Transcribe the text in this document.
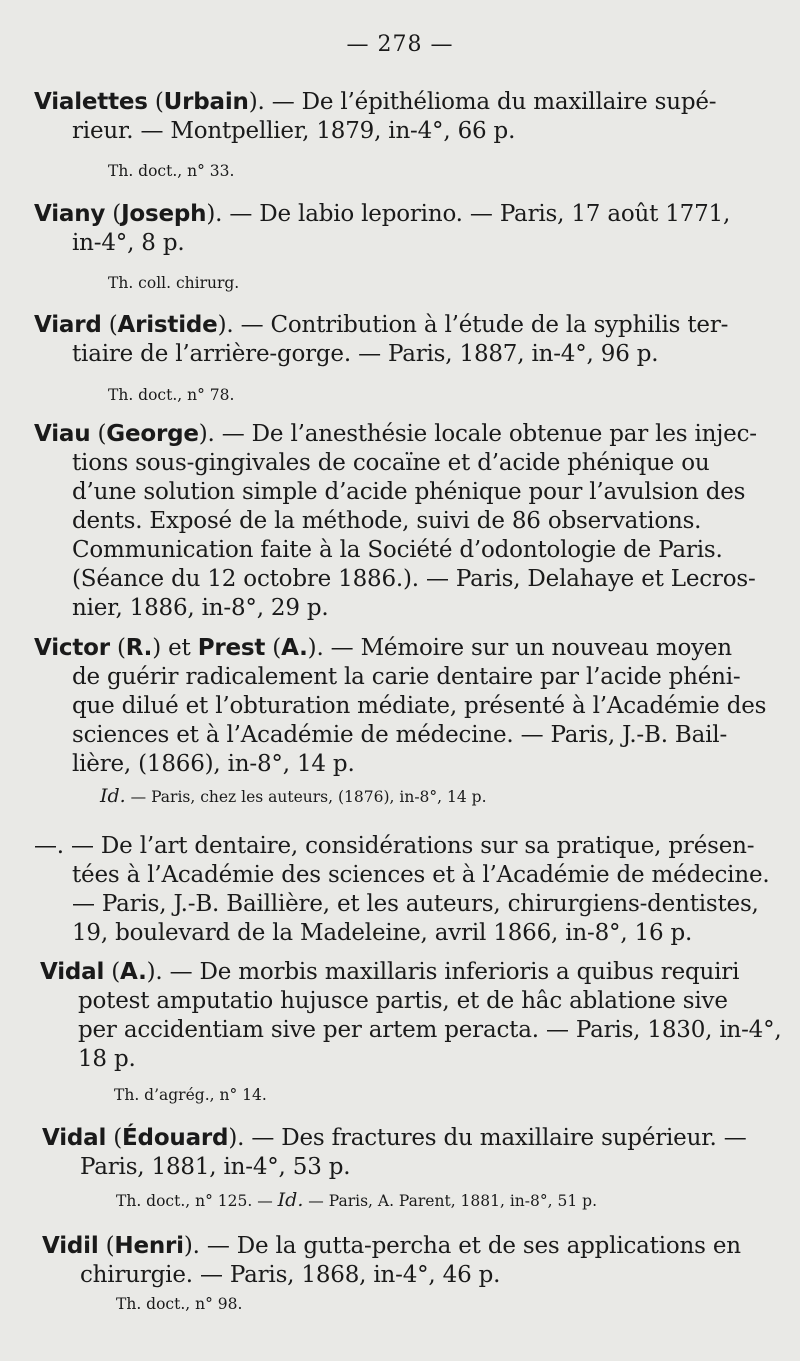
— 278 —
Vialettes (Urbain). — De l’épithélioma du maxillaire supé-
rieur. — Montpellier, 1879, in-4°, 66 p.
Th. doct., n° 33.
Viany (Joseph). — De labio leporino. — Paris, 17 août 1771,
in-4°, 8 p.
Th. coll. chirurg.
Viard (Aristide). — Contribution à l’étude de la syphilis ter-
tiaire de l’arrière-gorge. — Paris, 1887, in-4°, 96 p.
Th. doct., n° 78.
Viau (George). — De l’anesthésie locale obtenue par les injec-
tions sous-gingivales de cocaïne et d’acide phénique ou
d’une solution simple d’acide phénique pour l’avulsion des
dents. Exposé de la méthode, suivi de 86 observations.
Communication faite à la Société d’odontologie de Paris.
(Séance du 12 octobre 1886.). — Paris, Delahaye et Lecros-
nier, 1886, in-8°, 29 p.
Victor (R.) et Prest (A.). — Mémoire sur un nouveau moyen
de guérir radicalement la carie dentaire par l’acide phéni-
que dilué et l’obturation médiate, présenté à l’Académie des
sciences et à l’Académie de médecine. — Paris, J.-B. Bail-
lière, (1866), in-8°, 14 p.
Id. — Paris, chez les auteurs, (1876), in-8°, 14 p.
—. — De l’art dentaire, considérations sur sa pratique, présen-
tées à l’Académie des sciences et à l’Académie de médecine.
— Paris, J.-B. Baillière, et les auteurs, chirurgiens-dentistes,
19, boulevard de la Madeleine, avril 1866, in-8°, 16 p.
Vidal (A.). — De morbis maxillaris inferioris a quibus requiri
potest amputatio hujusce partis, et de hâc ablatione sive
per accidentiam sive per artem peracta. — Paris, 1830, in-4°,
18 p.
Th. d’agrég., n° 14.
Vidal (Édouard). — Des fractures du maxillaire supérieur. —
Paris, 1881, in-4°, 53 p.
Th. doct., n° 125. — Id. — Paris, A. Parent, 1881, in-8°, 51 p.
Vidil (Henri). — De la gutta-percha et de ses applications en
chirurgie. — Paris, 1868, in-4°, 46 p.
Th. doct., n° 98.
